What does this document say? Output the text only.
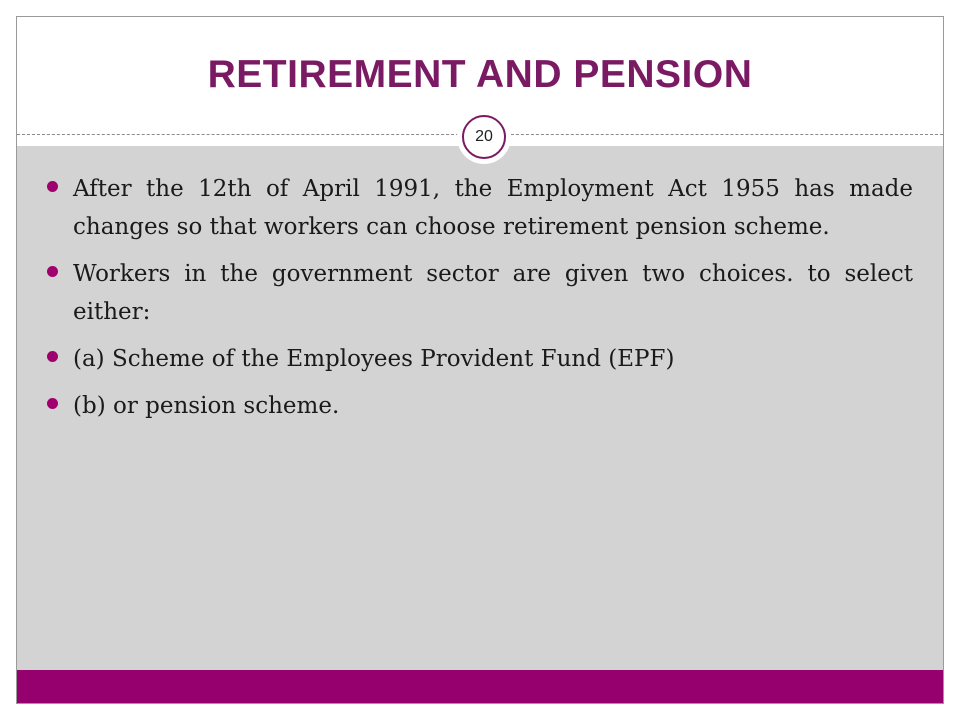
RETIREMENT AND PENSION
20
After the 12th of April 1991, the Employment Act 1955 has made changes so that workers can choose retirement pension scheme.
Workers in the government sector are given two choices. to select either:
(a) Scheme of the Employees Provident Fund (EPF)
(b) or pension scheme.
